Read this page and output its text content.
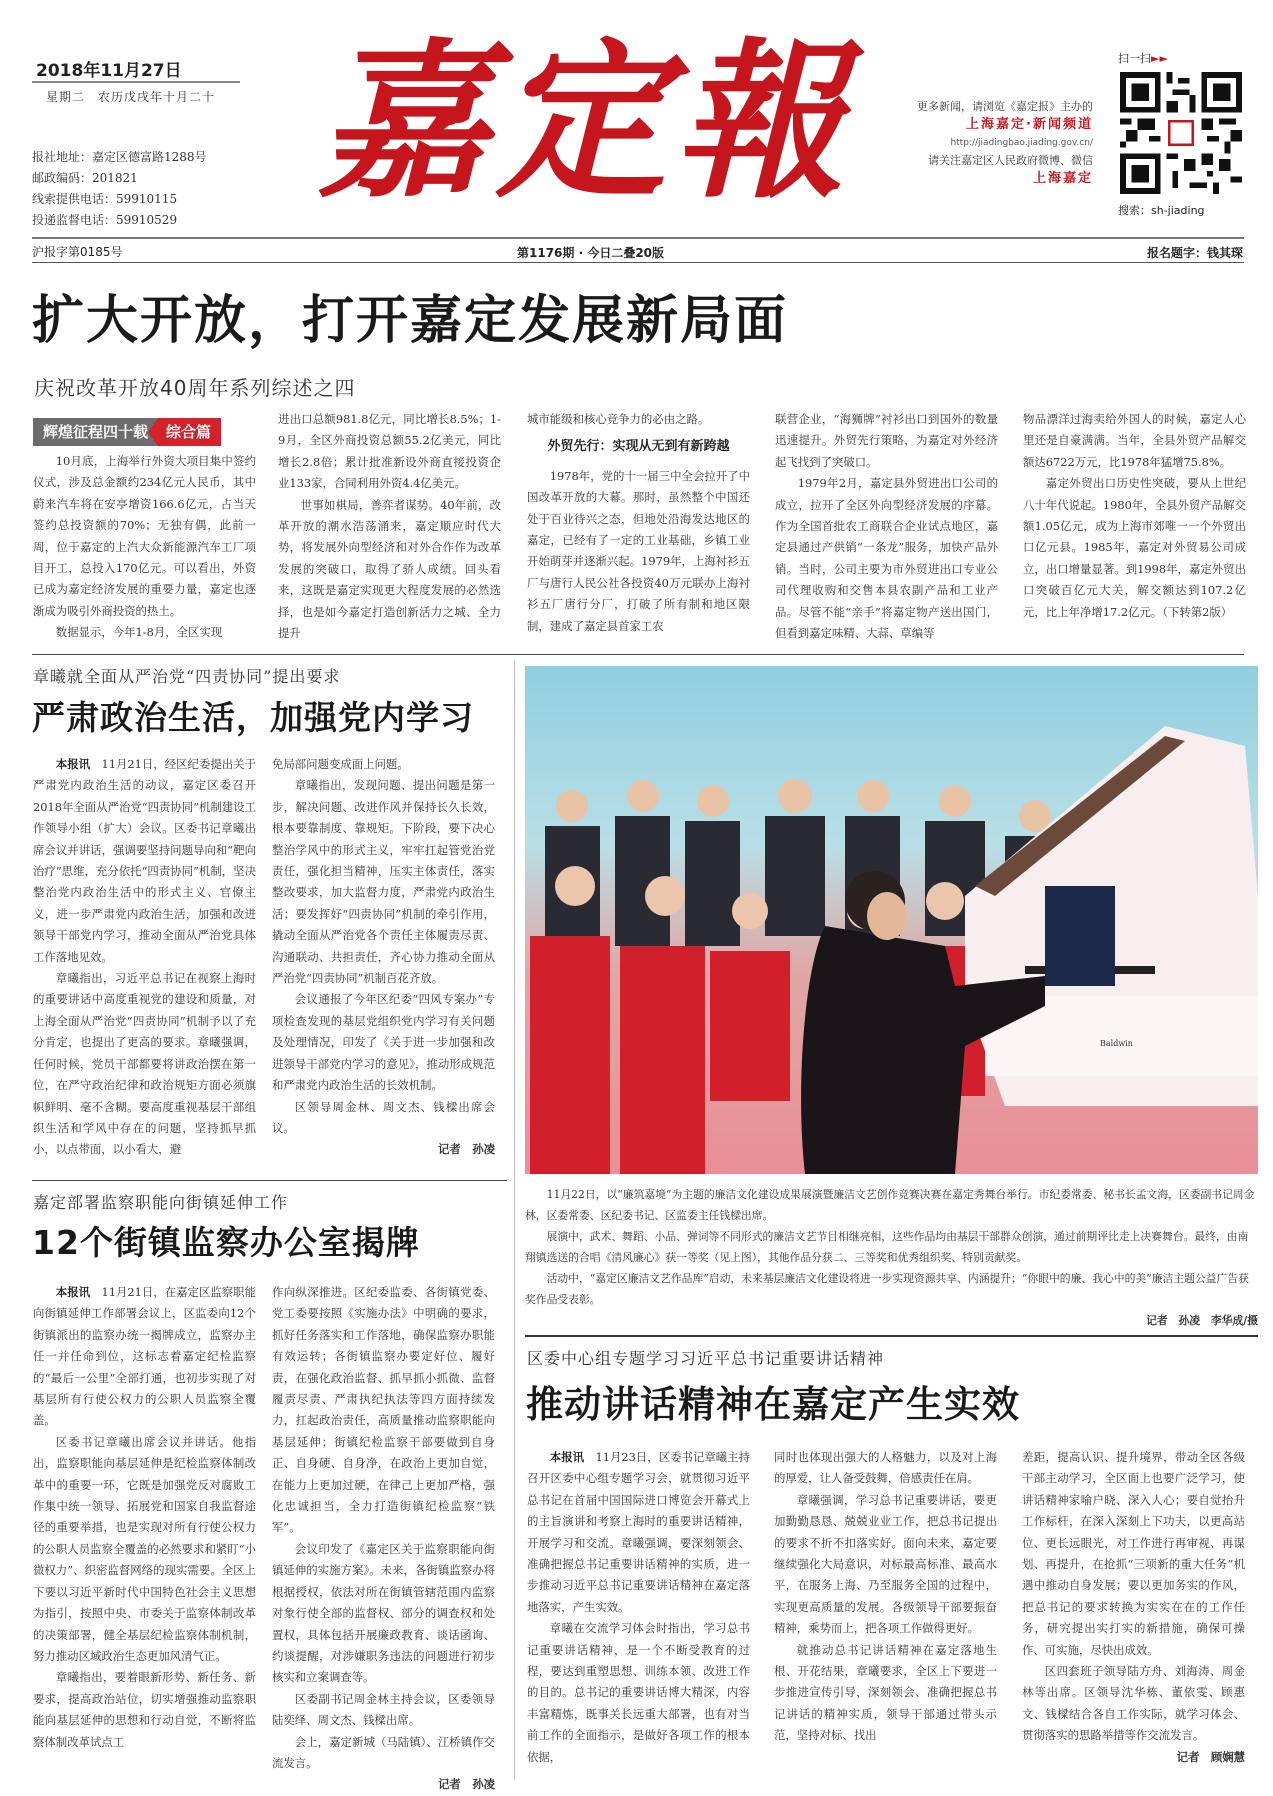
2018年11月27日
星期二　农历戊戌年十月二十
报社地址：嘉定区德富路1288号
邮政编码：201821
线索提供电话：59910115
投递监督电话：59910529 嘉定報	更多新闻，请浏览《嘉定报》主办的
上海嘉定·新闻频道
http://jiadingbao.jiading.gov.cn/
请关注嘉定区人民政府微博、微信
上海嘉定
扫一扫►►
搜索：sh-jiading
沪报字第0185号	第1176期 · 今日二叠20版	报名题字：钱其琛
扩大开放，打开嘉定发展新局面
庆祝改革开放40周年系列综述之四
辉煌征程四十载	综合篇

10月底，上海举行外资大项目集中签约仪式，涉及总金额约234亿元人民币，其中蔚来汽车将在安亭增资166.6亿元，占当天签约总投资额的70%；无独有偶，此前一周，位于嘉定的上汽大众新能源汽车工厂项目开工，总投入170亿元。可以看出，外资已成为嘉定经济发展的重要力量，嘉定也逐渐成为吸引外商投资的热土。

数据显示，今年1-8月，全区实现

进出口总额981.8亿元，同比增长8.5%；1-9月，全区外商投资总额55.2亿美元，同比增长2.8倍；累计批准新设外商直接投资企业133家，合同利用外资4.4亿美元。

世事如棋局，善弈者谋势。40年前，改革开放的潮水浩荡涌来，嘉定顺应时代大势，将发展外向型经济和对外合作作为改革发展的突破口，取得了骄人成绩。回头看来，这既是嘉定实现更大程度发展的必然选择，也是如今嘉定打造创新活力之城、全力提升

城市能级和核心竞争力的必由之路。

外贸先行：实现从无到有新跨越

1978年，党的十一届三中全会拉开了中国改革开放的大幕。那时，虽然整个中国还处于百业待兴之态，但地处沿海发达地区的嘉定，已经有了一定的工业基础，乡镇工业开始萌芽并逐渐兴起。1979年，上海衬衫五厂与唐行人民公社各投资40万元联办上海衬衫五厂唐行分厂，打破了所有制和地区限制，建成了嘉定县首家工农

联营企业，“海狮牌”衬衫出口到国外的数量迅速提升。外贸先行策略，为嘉定对外经济起飞找到了突破口。

1979年2月，嘉定县外贸进出口公司的成立，拉开了全区外向型经济发展的序幕。作为全国首批农工商联合企业试点地区，嘉定县通过产供销“一条龙”服务，加快产品外销。当时，公司主要为市外贸进出口专业公司代理收购和交售本县农副产品和工业产品。尽管不能“亲手”将嘉定物产送出国门，但看到嘉定味精、大蒜、草编等

物品漂洋过海卖给外国人的时候，嘉定人心里还是自豪满满。当年，全县外贸产品解交额达6722万元，比1978年猛增75.8%。

嘉定外贸出口历史性突破，要从上世纪八十年代说起。1980年，全县外贸产品解交额1.05亿元，成为上海市郊唯一一个外贸出口亿元县。1985年，嘉定对外贸易公司成立，出口增量显著。到1998年，嘉定外贸出口突破百亿元大关，解交额达到107.2亿元，比上年净增17.2亿元。（下转第2版）

章曦就全面从严治党“四责协同”提出要求
严肃政治生活，加强党内学习

本报讯　 11月21日，经区纪委提出关于严肃党内政治生活的动议，嘉定区委召开2018年全面从严治党“四责协同”机制建设工作领导小组（扩大）会议。区委书记章曦出席会议并讲话，强调要坚持问题导向和“靶向治疗”思维，充分依托“四责协同”机制，坚决整治党内政治生活中的形式主义、官僚主义，进一步严肃党内政治生活，加强和改进领导干部党内学习，推动全面从严治党具体工作落地见效。

章曦指出，习近平总书记在视察上海时的重要讲话中高度重视党的建设和质量，对上海全面从严治党“四责协同”机制予以了充分肯定，也提出了更高的要求。章曦强调，任何时候，党员干部都要将讲政治摆在第一位，在严守政治纪律和政治规矩方面必须旗帜鲜明、毫不含糊。要高度重视基层干部组织生活和学风中存在的问题，坚持抓早抓小，以点带面，以小看大，避

免局部问题变成面上问题。

章曦指出，发现问题、提出问题是第一步，解决问题、改进作风并保持长久长效，根本要靠制度、靠规矩。下阶段，要下决心整治学风中的形式主义，牢牢扛起管党治党责任，强化担当精神，压实主体责任，落实整改要求，加大监督力度，严肃党内政治生活；要发挥好“四责协同”机制的牵引作用，撬动全面从严治党各个责任主体履责尽责、沟通联动、共担责任，齐心协力推动全面从严治党“四责协同”机制百花齐放。

会议通报了今年区纪委“四风专案办”专项检查发现的基层党组织党内学习有关问题及处理情况，印发了《关于进一步加强和改进领导干部党内学习的意见》，推动形成规范和严肃党内政治生活的长效机制。

区领导周金林、周文杰、钱樑出席会议。

记者　孙凌
嘉定部署监察职能向街镇延伸工作
12个街镇监察办公室揭牌

本报讯　 11月21日，在嘉定区监察职能向街镇延伸工作部署会议上，区监委向12个街镇派出的监察办统一揭牌成立，监察办主任一并任命到位，这标志着嘉定纪检监察的“最后一公里”全部打通，也初步实现了对基层所有行使公权力的公职人员监察全覆盖。

区委书记章曦出席会议并讲话。他指出，监察职能向基层延伸是纪检监察体制改革中的重要一环，它既是加强党反对腐败工作集中统一领导、拓展党和国家自我监督途径的重要举措，也是实现对所有行使公权力的公职人员监察全覆盖的必然要求和紧盯“小微权力”、织密监督网络的现实需要。全区上下要以习近平新时代中国特色社会主义思想为指引，按照中央、市委关于监察体制改革的决策部署，健全基层纪检监察体制机制，努力推动区域政治生态更加风清气正。

章曦指出，要着眼新形势、新任务、新要求，提高政治站位，切实增强推动监察职能向基层延伸的思想和行动自觉，不断将监察体制改革试点工

作向纵深推进。区纪委监委、各街镇党委、党工委要按照《实施办法》中明确的要求，抓好任务落实和工作落地，确保监察办职能有效运转；各街镇监察办要定好位、履好责，在强化政治监督、抓早抓小抓微、监督履责尽责、严肃执纪执法等四方面持续发力，扛起政治责任，高质量推动监察职能向基层延伸；街镇纪检监察干部要做到自身正、自身硬、自身净，在政治上更加自觉，在能力上更加过硬，在律己上更加严格，强化忠诚担当，全力打造街镇纪检监察“铁军”。

会议印发了《嘉定区关于监察职能向街镇延伸的实施方案》。未来，各街镇监察办将根据授权，依法对所在街镇管辖范围内监察对象行使全部的监督权、部分的调查权和处置权，具体包括开展廉政教育、谈话函询、约谈提醒，对涉嫌职务违法的问题进行初步核实和立案调查等。

区委副书记周金林主持会议，区委领导陆奕绎、周文杰、钱樑出席。

会上，嘉定新城（马陆镇）、江桥镇作交流发言。

记者　孙凌
Baldwin

11月22日，以“廉筑嘉境”为主题的廉洁文化建设成果展演暨廉洁文艺创作竞赛决赛在嘉定秀舞台举行。市纪委常委、秘书长孟文海，区委副书记周金林，区委常委、区纪委书记、区监委主任钱樑出席。

展演中，武术、舞蹈、小品、弹词等不同形式的廉洁文艺节目相继亮相，这些作品均由基层干部群众创演，通过前期评比走上决赛舞台。最终，由南翔镇选送的合唱《清风廉心》获一等奖（见上图），其他作品分获二、三等奖和优秀组织奖、特别贡献奖。

活动中，“嘉定区廉洁文艺作品库”启动，未来基层廉洁文化建设将进一步实现资源共享、内涵提升；“你眼中的廉、我心中的美”廉洁主题公益广告获奖作品受表彰。

记者　孙凌　李华成/摄
区委中心组专题学习习近平总书记重要讲话精神
推动讲话精神在嘉定产生实效

本报讯　 11月23日，区委书记章曦主持召开区委中心组专题学习会，就贯彻习近平总书记在首届中国国际进口博览会开幕式上的主旨演讲和考察上海时的重要讲话精神，开展学习和交流。章曦强调，要深刻领会、准确把握总书记重要讲话精神的实质，进一步推动习近平总书记重要讲话精神在嘉定落地落实，产生实效。

章曦在交流学习体会时指出，学习总书记重要讲话精神，是一个不断受教育的过程，要达到重塑思想、训练本领、改进工作的目的。总书记的重要讲话博大精深，内容丰富精炼，既事关长远重大部署，也有对当前工作的全面指示，是做好各项工作的根本依据，

同时也体现出强大的人格魅力，以及对上海的厚爱，让人备受鼓舞，倍感责任在肩。

章曦强调，学习总书记重要讲话，要更加勤勤恳恳、兢兢业业工作，把总书记提出的要求不折不扣落实好。面向未来，嘉定要继续强化大局意识，对标最高标准、最高水平，在服务上海、乃至服务全国的过程中，实现更高质量的发展。各级领导干部要振奋精神，乘势而上，把各项工作做得更好。

就推动总书记讲话精神在嘉定落地生根、开花结果，章曦要求，全区上下要进一步推进宣传引导，深刻领会、准确把握总书记讲话的精神实质，领导干部通过带头示范，坚持对标、找出

差距，提高认识、提升境界，带动全区各级干部主动学习，全区面上也要广泛学习，使讲话精神家喻户晓、深入人心；要自觉抬升工作标杆，在深入深刻上下功夫，以更高站位、更长远眼光，对工作进行再审视、再谋划、再提升，在抢抓“三项新的重大任务”机遇中推动自身发展；要以更加务实的作风，把总书记的要求转换为实实在在的工作任务，研究提出实打实的新措施，确保可操作、可实施，尽快出成效。

区四套班子领导陆方舟、刘海涛、周金林等出席。区领导沈华栋、董依雯、顾惠文、钱樑结合各自工作实际，就学习体会、贯彻落实的思路举措等作交流发言。

记者　顾娴慧
